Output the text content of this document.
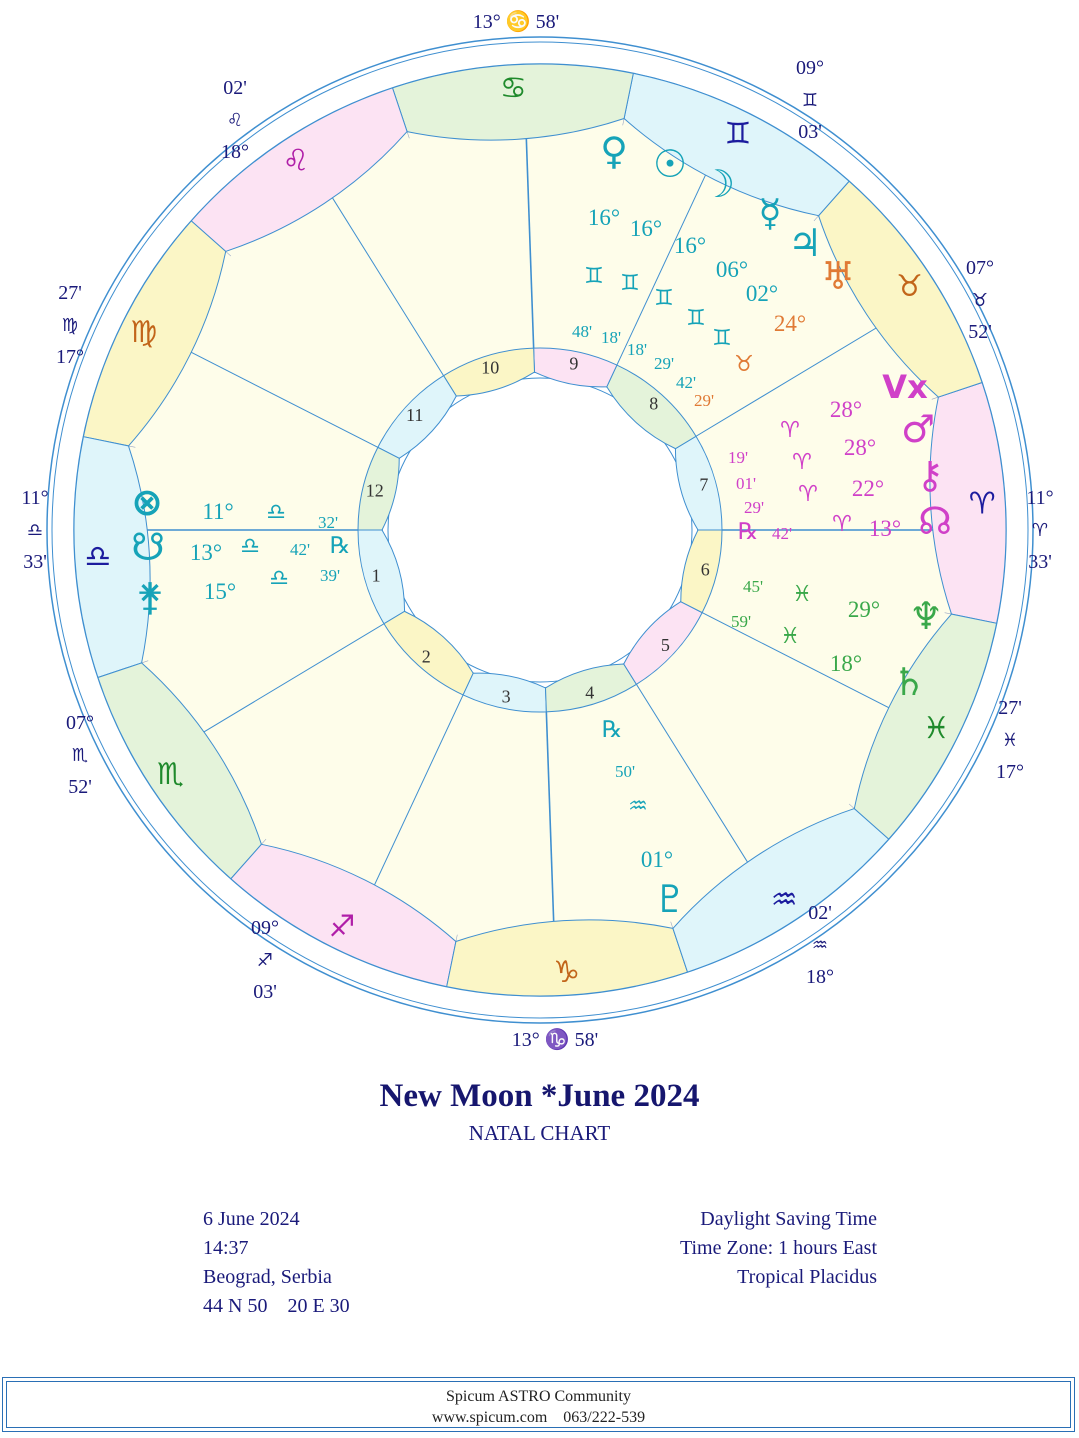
♈
♉
♊
♋
♌
♍
♎
♏
♐
♑
♒
♓
1
2
3	4
5
6
7
8
9
10
11
12
13° ♋ 58'
09°
♊
03'
07°
♉
52'
11°
♈
33'
27'
♓
17°
02'
♒
18°
13° ♑ 58'
09°
♐
03'
07°
♏
52'
11°
♎
33'
27'
♍
17°
02'
♌
18°	♀ ☉ ☽
☿
♃
♅
Vx
♂
⚷
☊
♆
♄
♇
⊗
☋
⚵
16° 16°
16°
06°
02°
24°
♊ ♊
♊
♊
♊
♉
48' 18'
18'
29'
42'
29'	28°
28°
22°
13°
♈
♈
♈
♈
19'
01'
29'
42'
℞
29°
18°
♓
♓
45'
59'
℞
50'
♒
01°
11°
13°
15°
♎
♎
♎
32'
42'
39'
℞
New Moon *June 2024
NATAL CHART
6 June 2024
14:37
Beograd, Serbia
44 N 50    20 E 30
Daylight Saving Time
Time Zone: 1 hours East
Tropical Placidus
Spicum ASTRO Community
www.spicum.com    063/222-539
